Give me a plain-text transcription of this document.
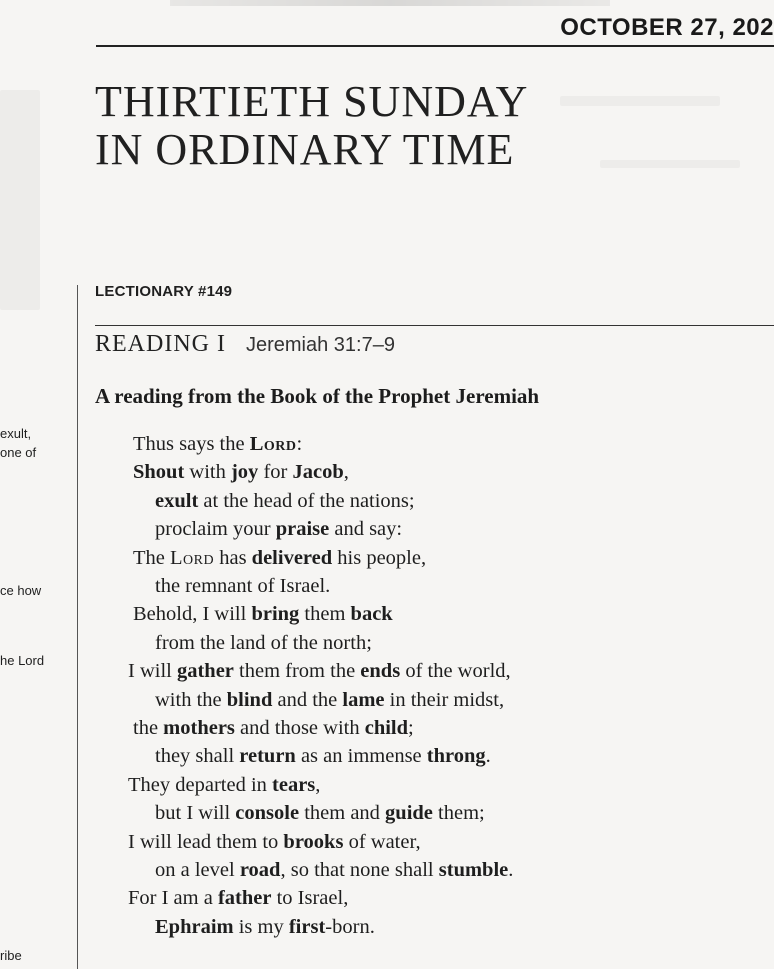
OCTOBER 27, 202
THIRTIETH SUNDAY
IN ORDINARY TIME
LECTIONARY #149
READING I Jeremiah 31:7–9
A reading from the Book of the Prophet Jeremiah
exult,
one of
ce how
he Lord
ribe
Thus says the Lord:
Shout with joy for Jacob,
exult at the head of the nations;
proclaim your praise and say:
The Lord has delivered his people,
the remnant of Israel.
Behold, I will bring them back
from the land of the north;
I will gather them from the ends of the world,
with the blind and the lame in their midst,
the mothers and those with child;
they shall return as an immense throng.
They departed in tears,
but I will console them and guide them;
I will lead them to brooks of water,
on a level road, so that none shall stumble.
For I am a father to Israel,
Ephraim is my first-born.
